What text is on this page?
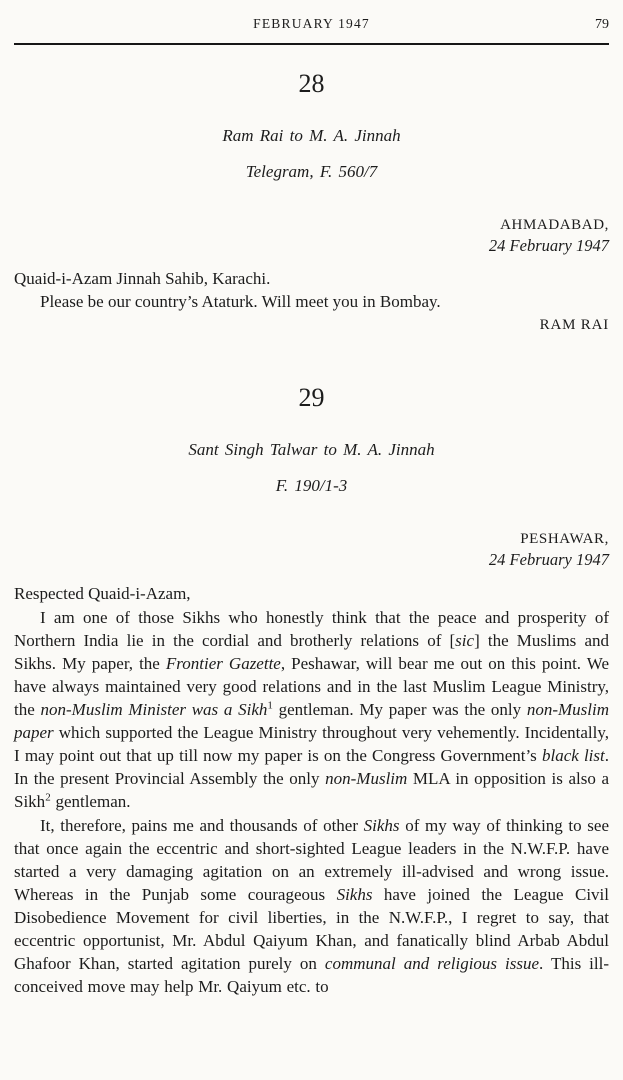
FEBRUARY 1947	79
28
Ram Rai to M. A. Jinnah
Telegram, F. 560/7
AHMADABAD,
24 February 1947

Quaid-i-Azam Jinnah Sahib, Karachi.

Please be our country’s Ataturk. Will meet you in Bombay.

RAM RAI
29
Sant Singh Talwar to M. A. Jinnah
F. 190/1-3
PESHAWAR,
24 February 1947

Respected Quaid-i-Azam,

I am one of those Sikhs who honestly think that the peace and prosperity of Northern India lie in the cordial and brotherly relations of [sic] the Muslims and Sikhs. My paper, the Frontier Gazette, Peshawar, will bear me out on this point. We have always maintained very good relations and in the last Muslim League Ministry, the non-Muslim Minister was a Sikh$^1$ gentleman. My paper was the only non-Muslim paper which supported the League Ministry throughout very vehemently. Incidentally, I may point out that up till now my paper is on the Congress Government’s black list. In the present Provincial Assembly the only non-Muslim MLA in opposition is also a Sikh$^2$ gentleman.

It, therefore, pains me and thousands of other Sikhs of my way of thinking to see that once again the eccentric and short-sighted League leaders in the N.W.F.P. have started a very damaging agitation on an extremely ill-advised and wrong issue. Whereas in the Punjab some courageous Sikhs have joined the League Civil Disobedience Movement for civil liberties, in the N.W.F.P., I regret to say, that eccentric opportunist, Mr. Abdul Qaiyum Khan, and fanatically blind Arbab Abdul Ghafoor Khan, started agitation purely on communal and religious issue. This ill-conceived move may help Mr. Qaiyum etc. to
